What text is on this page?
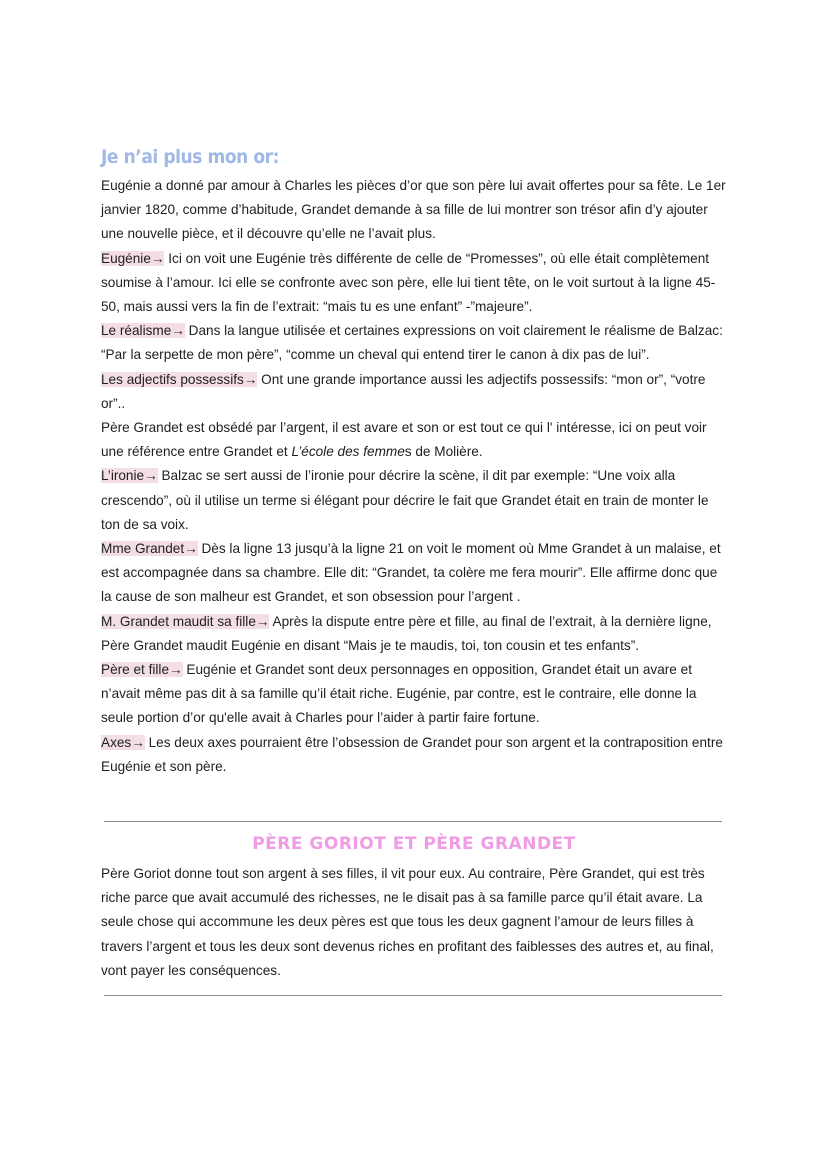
Je n’ai plus mon or:

Eugénie a donné par amour à Charles les pièces d’or que son père lui avait offertes pour sa fête. Le 1er janvier 1820, comme d’habitude, Grandet demande à sa fille de lui montrer son trésor afin d’y ajouter une nouvelle pièce, et il découvre qu’elle ne l’avait plus.

Eugénie→ Ici on voit une Eugénie très différente de celle de “Promesses”, où elle était complètement soumise à l’amour. Ici elle se confronte avec son père, elle lui tient tête, on le voit surtout à la ligne 45-50, mais aussi vers la fin de l’extrait: “mais tu es une enfant” -”majeure”.

Le réalisme→ Dans la langue utilisée et certaines expressions on voit clairement le réalisme de Balzac: “Par la serpette de mon père”, “comme un cheval qui entend tirer le canon à dix pas de lui”.

Les adjectifs possessifs→ Ont une grande importance aussi les adjectifs possessifs: “mon or”, “votre or”..

Père Grandet est obsédé par l’argent, il est avare et son or est tout ce qui l' intéresse, ici on peut voir une référence entre Grandet et L’école des femmes de Molière.

L’ironie→ Balzac se sert aussi de l’ironie pour décrire la scène, il dit par exemple: “Une voix alla crescendo”, où il utilise un terme si élégant pour décrire le fait que Grandet était en train de monter le ton de sa voix.

Mme Grandet→ Dès la ligne 13 jusqu’à la ligne 21 on voit le moment où Mme Grandet à un malaise, et est accompagnée dans sa chambre. Elle dit: “Grandet, ta colère me fera mourir”. Elle affirme donc que la cause de son malheur est Grandet, et son obsession pour l’argent .

M. Grandet maudit sa fille→ Après la dispute entre père et fille, au final de l’extrait, à la dernière ligne, Père Grandet maudit Eugénie en disant “Mais je te maudis, toi, ton cousin et tes enfants”.

Père et fille→ Eugénie et Grandet sont deux personnages en opposition, Grandet était un avare et n’avait même pas dit à sa famille qu’il était riche. Eugénie, par contre, est le contraire, elle donne la seule portion d’or qu'elle avait à Charles pour l’aider à partir faire fortune.

Axes→ Les deux axes pourraient être l’obsession de Grandet pour son argent et la contraposition entre Eugénie et son père.

PÈRE GORIOT ET PÈRE GRANDET

Père Goriot donne tout son argent à ses filles, il vit pour eux. Au contraire, Père Grandet, qui est très riche parce que avait accumulé des richesses, ne le disait pas à sa famille parce qu’il était avare. La seule chose qui accommune les deux pères est que tous les deux gagnent l’amour de leurs filles à travers l’argent et tous les deux sont devenus riches en profitant des faiblesses des autres et, au final, vont payer les conséquences.
